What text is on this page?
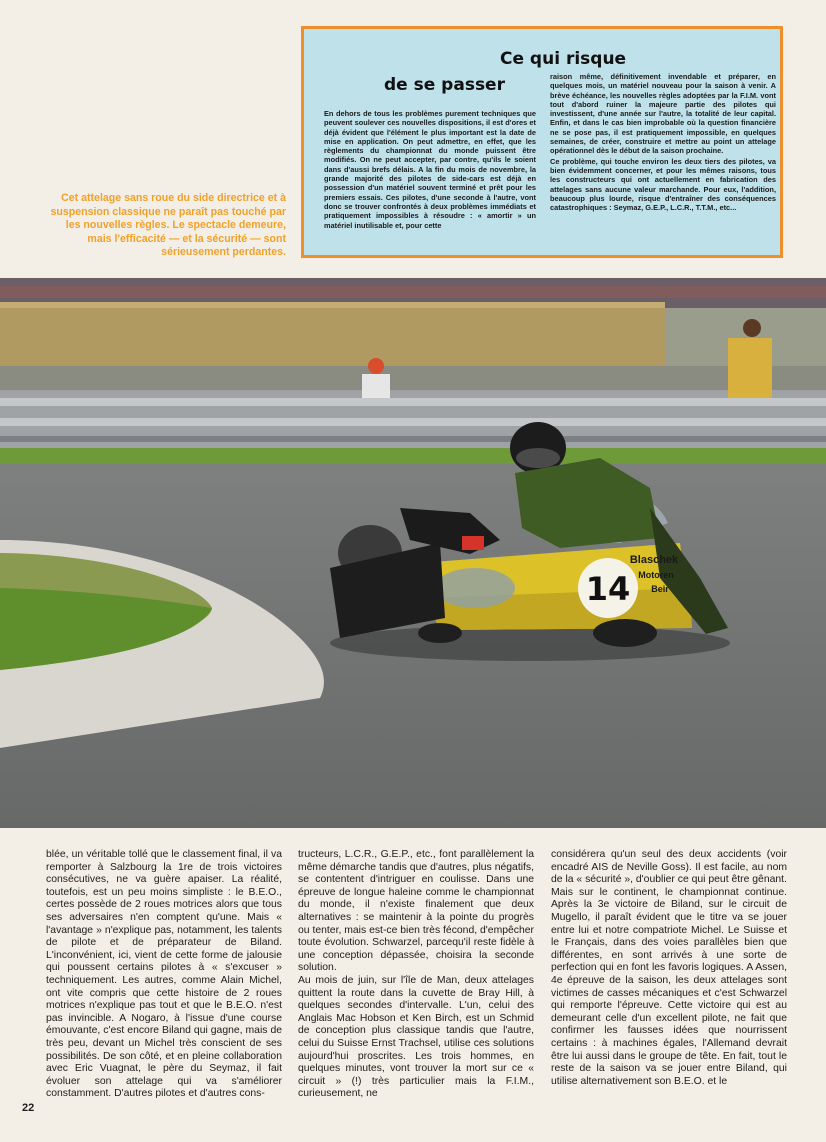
Cet attelage sans roue du side directrice et à suspension classique ne paraît pas touché par les nouvelles règles. Le spectacle demeure, mais l'efficacité — et la sécurité — sont sérieusement perdantes.
Ce qui risque
de se passer

En dehors de tous les problèmes purement techniques que peuvent soulever ces nouvelles dispositions, il est d'ores et déjà évident que l'élément le plus important est la date de mise en application. On peut admettre, en effet, que les règlements du championnat du monde puissent être modifiés. On ne peut accepter, par contre, qu'ils le soient dans d'aussi brefs délais. A la fin du mois de novembre, la grande majorité des pilotes de side-cars est déjà en possession d'un matériel souvent terminé et prêt pour les premiers essais. Ces pilotes, d'une seconde à l'autre, vont donc se trouver confrontés à deux problèmes immédiats et pratiquement impossibles à résoudre : « amortir » un matériel inutilisable et, pour cette

raison même, définitivement invendable et préparer, en quelques mois, un matériel nouveau pour la saison à venir. A brève échéance, les nouvelles règles adoptées par la F.I.M. vont tout d'abord ruiner la majeure partie des pilotes qui investissent, d'une année sur l'autre, la totalité de leur capital. Enfin, et dans le cas bien improbable où la question financière ne se pose pas, il est pratiquement impossible, en quelques semaines, de créer, construire et mettre au point un attelage opérationnel dès le début de la saison prochaine.

Ce problème, qui touche environ les deux tiers des pilotes, va bien évidemment concerner, et pour les mêmes raisons, tous les constructeurs qui ont actuellement en fabrication des attelages sans aucune valeur marchande. Pour eux, l'addition, beaucoup plus lourde, risque d'entraîner des conséquences catastrophiques : Seymaz, G.E.P., L.C.R., T.T.M., etc...

14
Blaschek
Motoren
Beir

blée, un véritable tollé que le classement final, il va remporter à Salzbourg la 1re de trois victoires consécutives, ne va guère apaiser. La réalité, toutefois, est un peu moins simpliste : le B.E.O., certes possède de 2 roues motrices alors que tous ses adversaires n'en comptent qu'une. Mais « l'avantage » n'explique pas, notamment, les talents de pilote et de préparateur de Biland. L'inconvénient, ici, vient de cette forme de jalousie qui poussent certains pilotes à « s'excuser » techniquement. Les autres, comme Alain Michel, ont vite compris que cette histoire de 2 roues motrices n'explique pas tout et que le B.E.O. n'est pas invincible. A Nogaro, à l'issue d'une course émouvante, c'est encore Biland qui gagne, mais de très peu, devant un Michel très conscient de ses possibilités. De son côté, et en pleine collaboration avec Eric Vuagnat, le père du Seymaz, il fait évoluer son attelage qui va s'améliorer constamment. D'autres pilotes et d'autres cons-

tructeurs, L.C.R., G.E.P., etc., font parallèlement la même démarche tandis que d'autres, plus négatifs, se contentent d'intriguer en coulisse. Dans une épreuve de longue haleine comme le championnat du monde, il n'existe finalement que deux alternatives : se maintenir à la pointe du progrès ou tenter, mais est-ce bien très fécond, d'empêcher toute évolution. Schwarzel, parcequ'il reste fidèle à une conception dépassée, choisira la seconde solution.

Au mois de juin, sur l'île de Man, deux attelages quittent la route dans la cuvette de Bray Hill, à quelques secondes d'intervalle. L'un, celui des Anglais Mac Hobson et Ken Birch, est un Schmid de conception plus classique tandis que l'autre, celui du Suisse Ernst Trachsel, utilise ces solutions aujourd'hui proscrites. Les trois hommes, en quelques minutes, vont trouver la mort sur ce « circuit » (!) très particulier mais la F.I.M., curieusement, ne

considérera qu'un seul des deux accidents (voir encadré AIS de Neville Goss). Il est facile, au nom de la « sécurité », d'oublier ce qui peut être gênant.

Mais sur le continent, le championnat continue. Après la 3e victoire de Biland, sur le circuit de Mugello, il paraît évident que le titre va se jouer entre lui et notre compatriote Michel. Le Suisse et le Français, dans des voies parallèles bien que différentes, en sont arrivés à une sorte de perfection qui en font les favoris logiques. A Assen, 4e épreuve de la saison, les deux attelages sont victimes de casses mécaniques et c'est Schwarzel qui remporte l'épreuve. Cette victoire qui est au demeurant celle d'un excellent pilote, ne fait que confirmer les fausses idées que nourrissent certains : à machines égales, l'Allemand devrait être lui aussi dans le groupe de tête. En fait, tout le reste de la saison va se jouer entre Biland, qui utilise alternativement son B.E.O. et le

22
